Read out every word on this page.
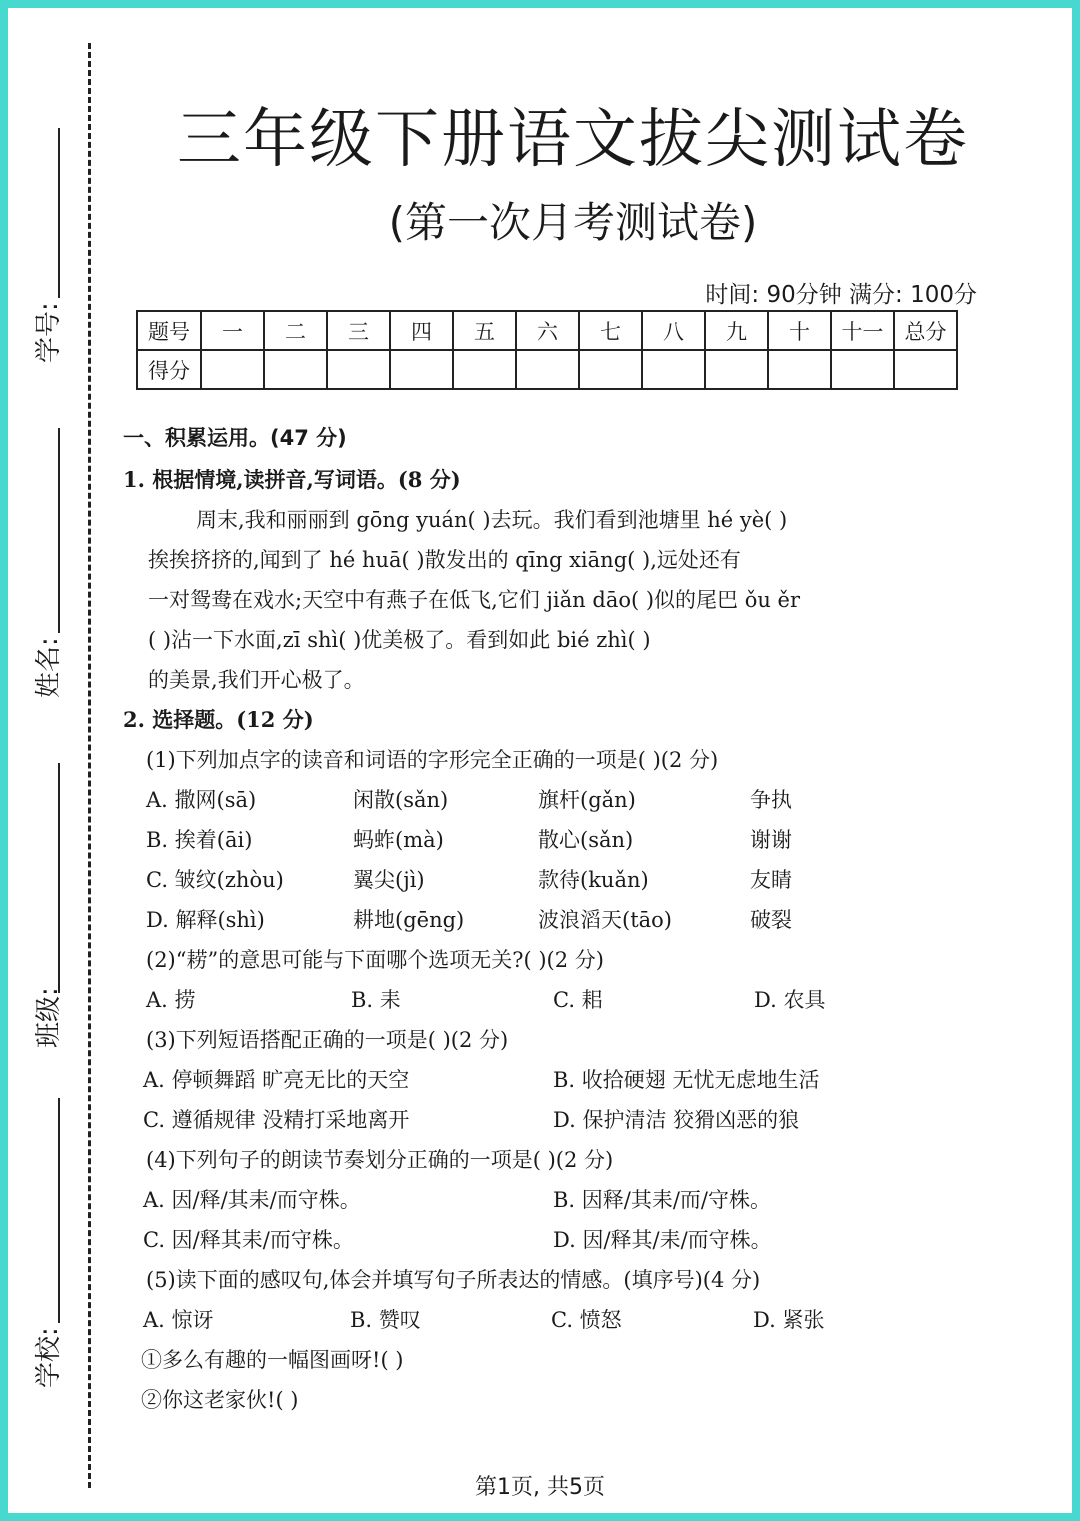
学号:
姓名:
班级:
学校:
三年级下册语文拔尖测试卷
(第一次月考测试卷)
时间: 90分钟 满分: 100分
题号	一	二	三	四	五	六	七	八	九	十	十一	总分
得分												
一、积累运用。(47 分)
1. 根据情境,读拼音,写词语。(8 分)
周末,我和丽丽到 gōng yuán( )去玩。我们看到池塘里 hé yè( )
挨挨挤挤的,闻到了 hé huā( )散发出的 qīng xiāng( ),远处还有
一对鸳鸯在戏水;天空中有燕子在低飞,它们 jiǎn dāo( )似的尾巴 ǒu ěr
( )沾一下水面,zī shì( )优美极了。看到如此 bié zhì( )
的美景,我们开心极了。
2. 选择题。(12 分)
(1)下列加点字的读音和词语的字形完全正确的一项是( )(2 分)
A. 撒网(sā)	闲散(sǎn)	旗杆(gǎn)	争执
B. 挨着(āi)	蚂蚱(mà)	散心(sǎn)	谢谢
C. 皱纹(zhòu)	翼尖(jì)	款待(kuǎn)	友睛
D. 解释(shì)	耕地(gēng)	波浪滔天(tāo)	破裂
(2)“耢”的意思可能与下面哪个选项无关?( )(2 分)
A. 捞	B. 耒	C. 耜	D. 农具
(3)下列短语搭配正确的一项是( )(2 分)
A. 停顿舞蹈 旷亮无比的天空	B. 收拾硬翅 无忧无虑地生活
C. 遵循规律 没精打采地离开	D. 保护清洁 狡猾凶恶的狼
(4)下列句子的朗读节奏划分正确的一项是( )(2 分)
A. 因/释/其耒/而守株。	B. 因释/其耒/而/守株。
C. 因/释其耒/而守株。	D. 因/释其/耒/而守株。
(5)读下面的感叹句,体会并填写句子所表达的情感。(填序号)(4 分)
A. 惊讶	B. 赞叹	C. 愤怒	D. 紧张
①多么有趣的一幅图画呀!( )
②你这老家伙!( )
第1页, 共5页
